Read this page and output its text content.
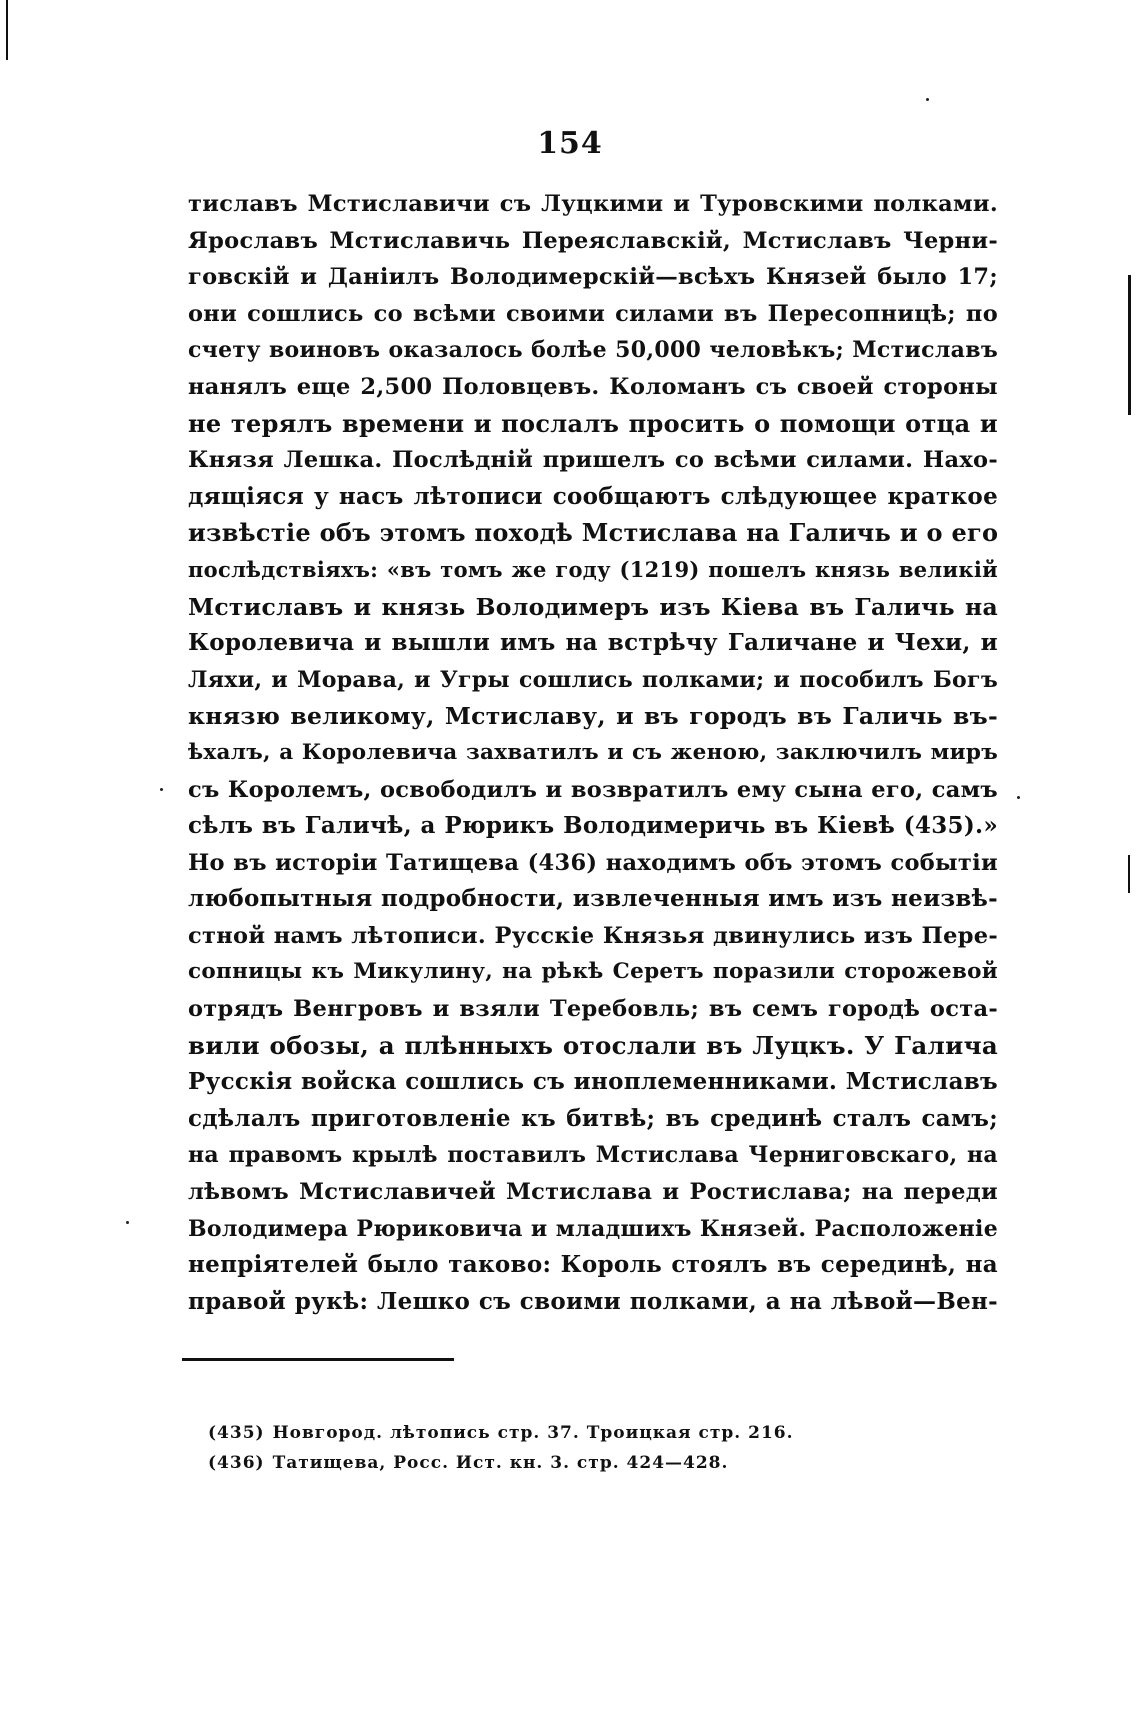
154
тиславъ Мстиславичи съ Луцкими и Туровскими полками.
Ярославъ Мстиславичь Переяславскій, Мстиславъ Черни-
говскій и Даніилъ Володимерскій—всѣхъ Князей было 17;
они сошлись со всѣми своими силами въ Пересопницѣ; по
счету воиновъ оказалось болѣе 50,000 человѣкъ; Мстиславъ
нанялъ еще 2,500 Половцевъ. Коломанъ съ своей стороны
не терялъ времени и послалъ просить о помощи отца и
Князя Лешка. Послѣдній пришелъ со всѣми силами. Нахо-
дящіяся у насъ лѣтописи сообщаютъ слѣдующее краткое
извѣстіе объ этомъ походѣ Мстислава на Галичь и о его
послѣдствіяхъ: «въ томъ же году (1219) пошелъ князь великій
Мстиславъ и князь Володимеръ изъ Кіева въ Галичь на
Королевича и вышли имъ на встрѣчу Галичане и Чехи, и
Ляхи, и Морава, и Угры сошлись полками; и пособилъ Богъ
князю великому, Мстиславу, и въ городъ въ Галичь въ-
ѣхалъ, а Королевича захватилъ и съ женою, заключилъ миръ
съ Королемъ, освободилъ и возвратилъ ему сына его, самъ
сѣлъ въ Галичѣ, а Рюрикъ Володимеричь въ Кіевѣ (435).»
Но въ исторіи Татищева (436) находимъ объ этомъ событіи
любопытныя подробности, извлеченныя имъ изъ неизвѣ-
стной намъ лѣтописи. Русскіе Князья двинулись изъ Пере-
сопницы къ Микулину, на рѣкѣ Серетъ поразили сторожевой
отрядъ Венгровъ и взяли Теребовль; въ семъ городѣ оста-
вили обозы, а плѣнныхъ отослали въ Луцкъ. У Галича
Русскія войска сошлись съ иноплеменниками. Мстиславъ
сдѣлалъ приготовленіе къ битвѣ; въ срединѣ сталъ самъ;
на правомъ крылѣ поставилъ Мстислава Черниговскаго, на
лѣвомъ Мстиславичей Мстислава и Ростислава; на переди
Володимера Рюриковича и младшихъ Князей. Расположеніе
непріятелей было таково: Король стоялъ въ серединѣ, на
правой рукѣ: Лешко съ своими полками, а на лѣвой—Вен-
(435) Новгород. лѣтопись стр. 37. Троицкая стр. 216.
(436) Татищева, Росс. Ист. кн. 3. стр. 424—428.
